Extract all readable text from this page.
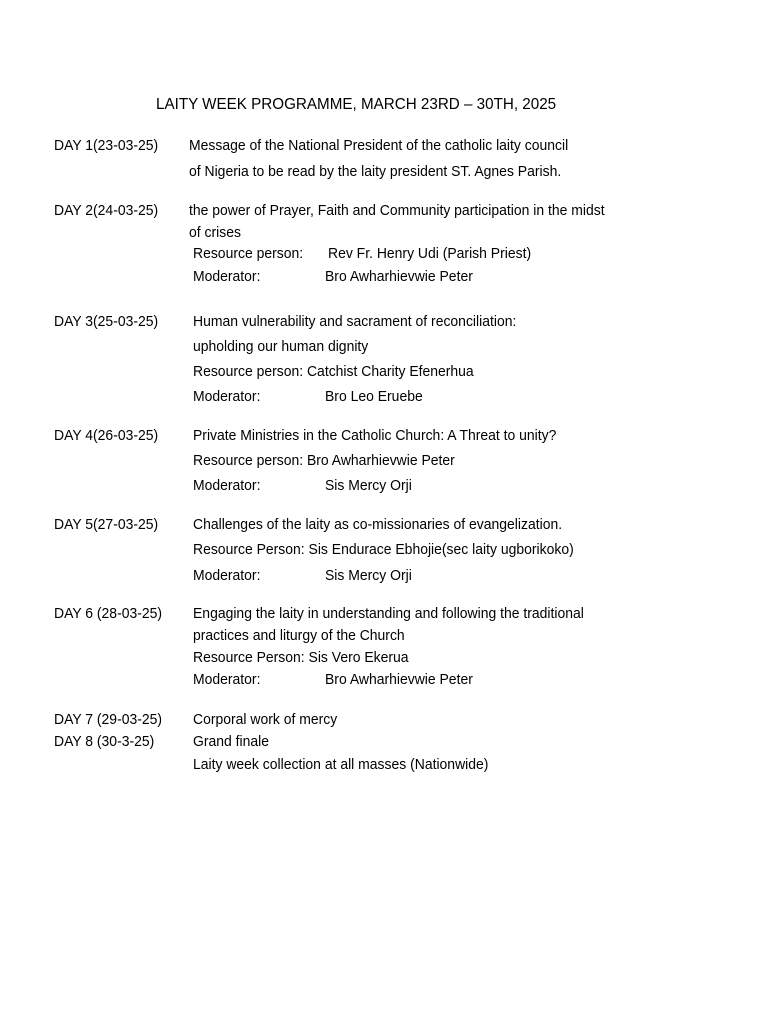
LAITY WEEK PROGRAMME, MARCH 23RD – 30TH, 2025
DAY 1(23-03-25) Message of the National President of the catholic laity council
of Nigeria to be read by the laity president ST. Agnes Parish.
DAY 2(24-03-25) the power of Prayer, Faith and Community participation in the midst
of crises
Resource person: Rev Fr. Henry Udi (Parish Priest)
Moderator:	Bro Awharhievwie Peter
DAY 3(25-03-25) Human vulnerability and sacrament of reconciliation:
upholding our human dignity
Resource person: Catchist Charity Efenerhua
Moderator:	Bro Leo Eruebe
DAY 4(26-03-25) Private Ministries in the Catholic Church: A Threat to unity?
Resource person: Bro Awharhievwie Peter
Moderator:	Sis Mercy Orji
DAY 5(27-03-25) Challenges of the laity as co-missionaries of evangelization.
Resource Person: Sis Endurace Ebhojie(sec laity ugborikoko)
Moderator:	Sis Mercy Orji
DAY 6 (28-03-25) Engaging the laity in understanding and following the traditional
practices and liturgy of the Church
Resource Person: Sis Vero Ekerua
Moderator:	Bro Awharhievwie Peter
DAY 7 (29-03-25) Corporal work of mercy
DAY 8 (30-3-25)	Grand finale
Laity week collection at all masses (Nationwide)
